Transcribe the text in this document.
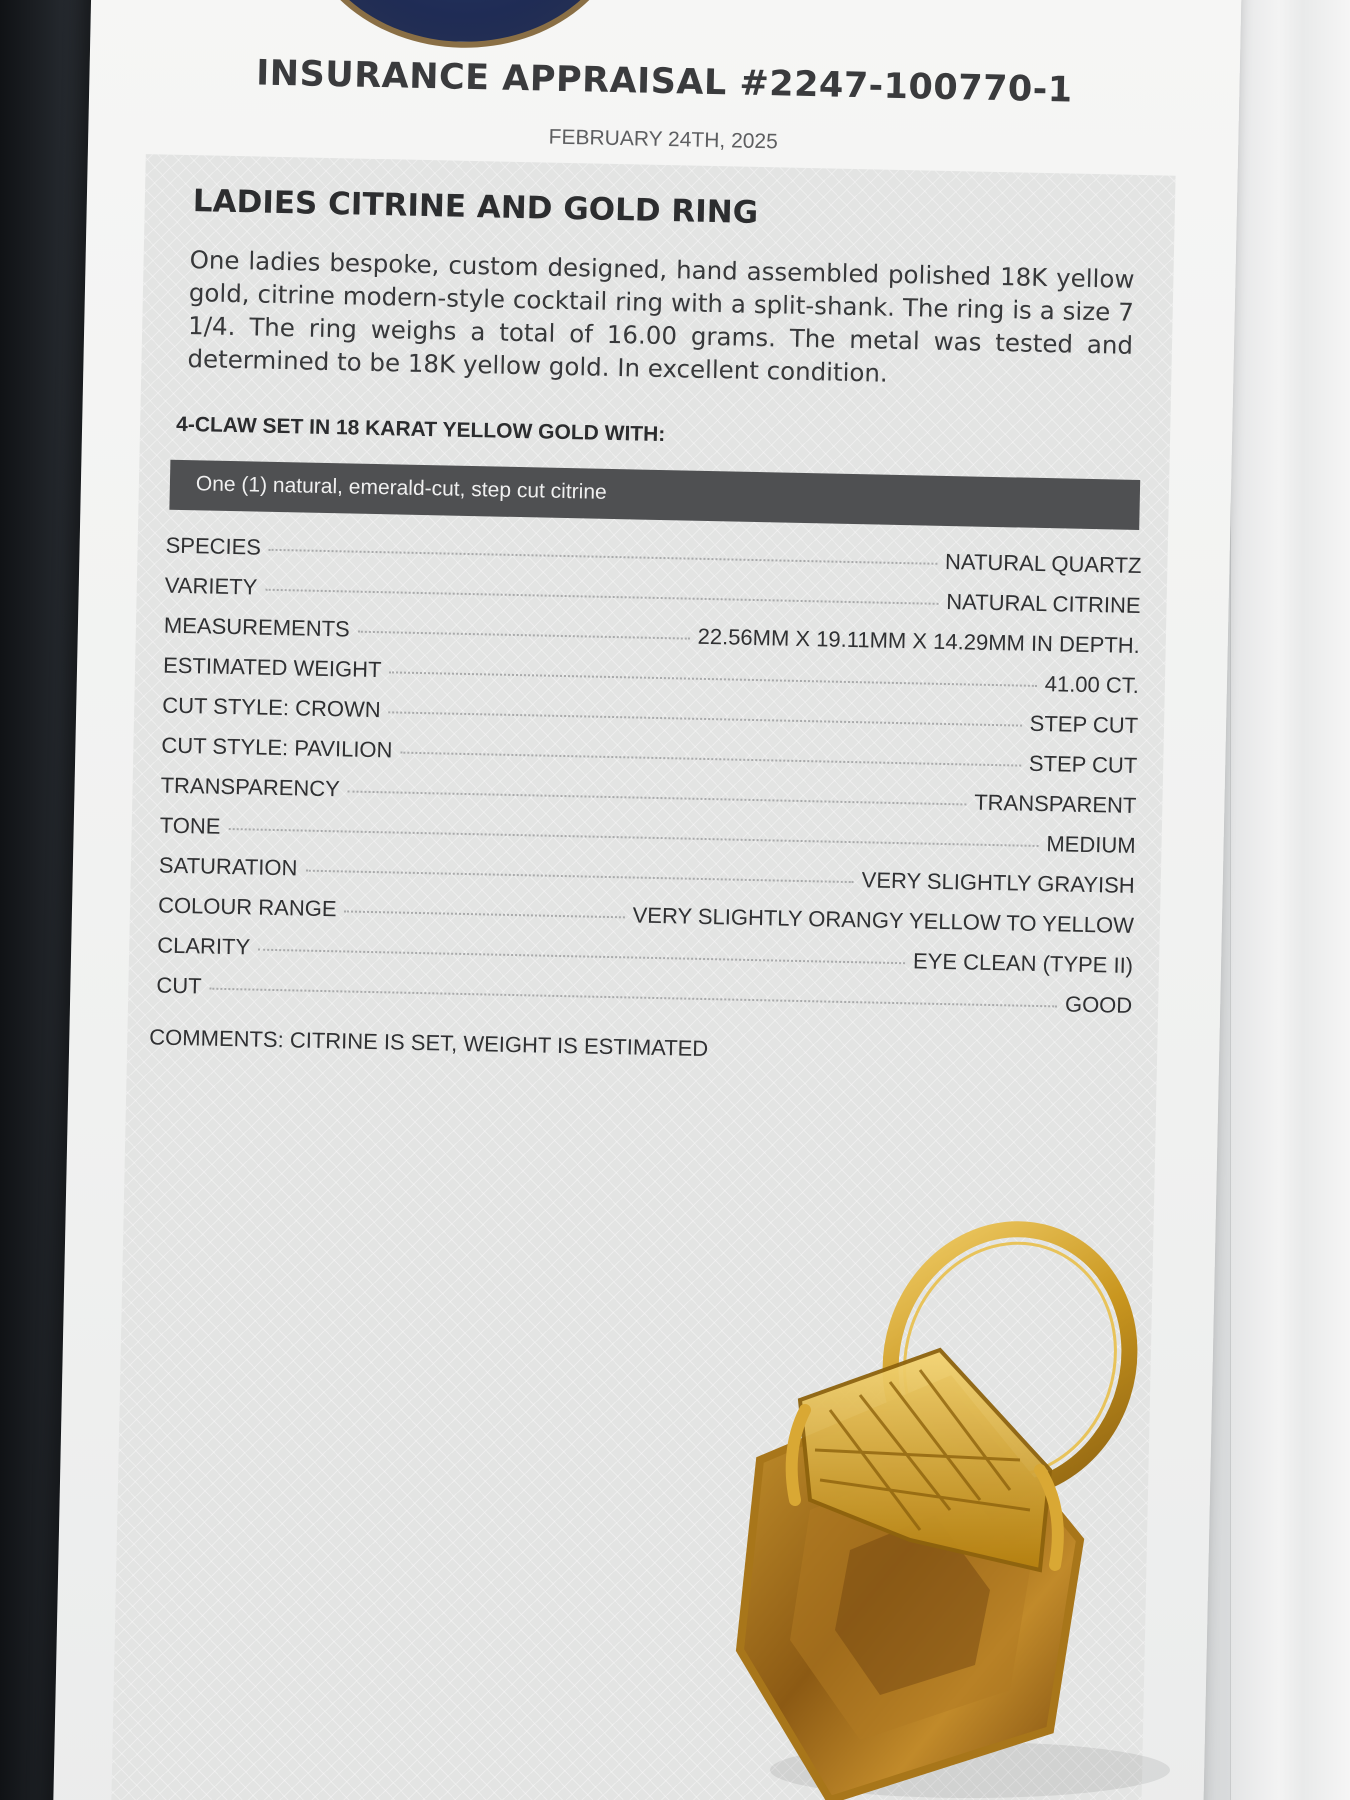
INSURANCE APPRAISAL #2247-100770-1
FEBRUARY 24TH, 2025
LADIES CITRINE AND GOLD RING
One ladies bespoke, custom designed, hand assembled polished 18K yellow gold, citrine modern-style cocktail ring with a split-shank. The ring is a size 7 1/4. The ring weighs a total of 16.00 grams. The metal was tested and determined to be 18K yellow gold. In excellent condition.
4-CLAW SET IN 18 KARAT YELLOW GOLD WITH:
One (1) natural, emerald-cut, step cut citrine
SPECIES
NATURAL QUARTZ
VARIETY
NATURAL CITRINE
MEASUREMENTS	22.56MM X 19.11MM X 14.29MM IN DEPTH.
ESTIMATED WEIGHT
41.00 CT.
CUT STYLE: CROWN
STEP CUT
CUT STYLE: PAVILION
STEP CUT
TRANSPARENCY
TRANSPARENT
TONE
MEDIUM
SATURATION
VERY SLIGHTLY GRAYISH
COLOUR RANGE	VERY SLIGHTLY ORANGY YELLOW TO YELLOW
CLARITY
EYE CLEAN (TYPE II)
CUT
GOOD
COMMENTS: CITRINE IS SET, WEIGHT IS ESTIMATED
